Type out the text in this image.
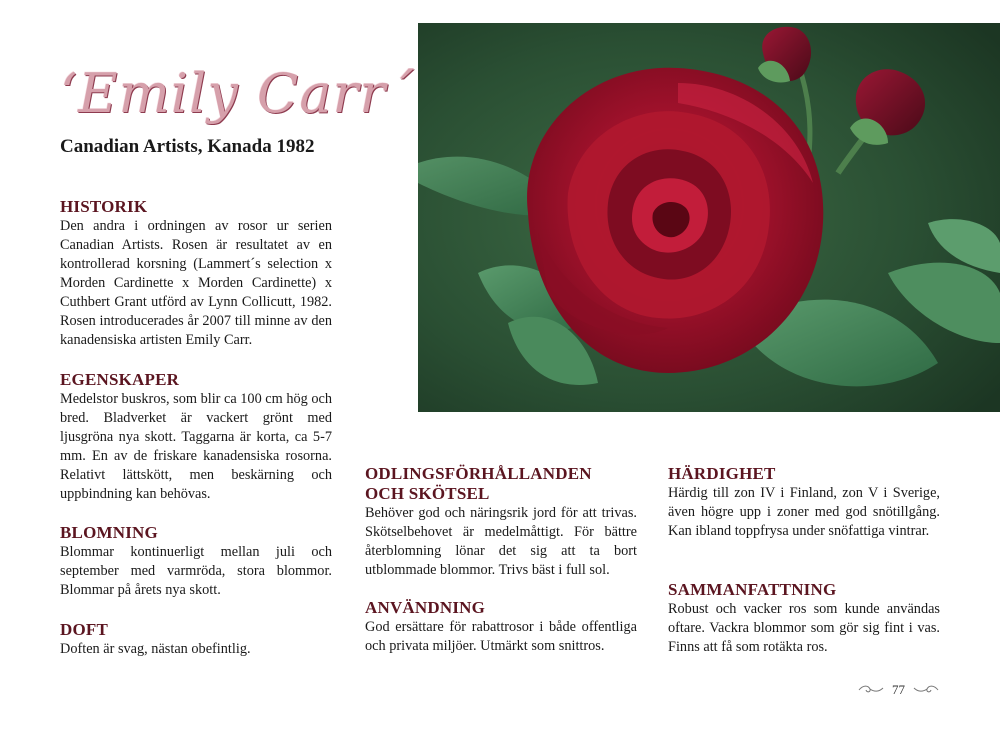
‘Emily Carr´
Canadian Artists, Kanada 1982
HISTORIK

Den andra i ordningen av rosor ur serien Canadian Artists. Rosen är resultatet av en kontrollerad korsning (Lammert´s selection x Morden Cardinette x Morden Cardinette) x Cuthbert Grant utförd av Lynn Collicutt, 1982. Rosen introducerades år 2007 till minne av den kanadensiska artisten Emily Carr.

EGENSKAPER

Medelstor buskros, som blir ca 100 cm hög och bred. Bladverket är vackert grönt med ljusgröna nya skott. Taggarna är korta, ca 5-7 mm. En av de friskare kanadensiska rosorna. Relativt lättskött, men beskärning och uppbindning kan behövas.

BLOMNING

Blommar kontinuerligt mellan juli och september med varmröda, stora blommor. Blommar på årets nya skott.

DOFT

Doften är svag, nästan obefintlig.

ODLINGSFÖRHÅLLANDEN OCH SKÖTSEL

Behöver god och näringsrik jord för att trivas. Skötselbehovet är medelmåttigt. För bättre återblomning lönar det sig att ta bort utblommade blommor. Trivs bäst i full sol.

ANVÄNDNING

God ersättare för rabattrosor i både offentliga och privata miljöer. Utmärkt som snittros.

HÄRDIGHET

Härdig till zon IV i Finland, zon V i Sverige, även högre upp i zoner med god snötillgång. Kan ibland toppfrysa under snöfattiga vintrar.

SAMMANFATTNING

Robust och vacker ros som kunde användas oftare. Vackra blommor som gör sig fint i vas. Finns att få som rotäkta ros.

77
